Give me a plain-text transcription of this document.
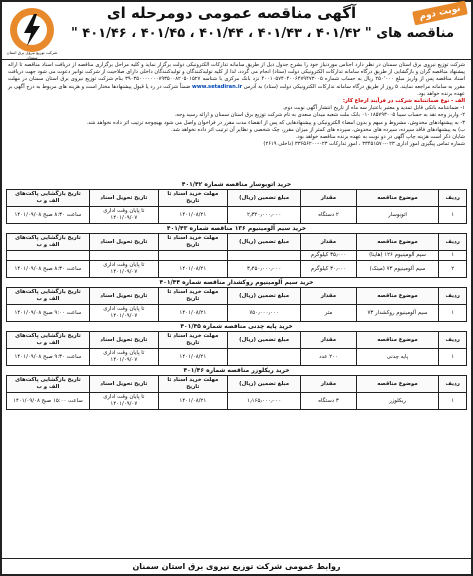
شرکت توزیع نیروی برق استان سمنان
نوبت دوم
آگهی مناقصه عمومی دومرحله ای
مناقصه های " ۴۰۱/۴۲ ، ۴۰۱/۴۳ ، ۴۰۱/۴۴ ، ۴۰۱/۴۵ ، ۴۰۱/۴۶ "
شرکت توزیع نیروی برق استان سمنان در نظر دارد اجناس موردنیاز خود را بشرح جدول ذیل از طریق سامانه تدارکات الکترونیکی دولت برگزار نماید و کلیه مراحل برگزاری مناقصه از دریافت اسناد مناقصه تا ارائه پیشنهاد مناقصه گران و بازگشایی از طریق درگاه سامانه تدارکات الکترونیکی دولت (ستاد) انجام می گردد، لذا از کلیه تولیدکنندگان و تولیدکنندگان داخلی دارای صلاحیت از شرکت توانیر دعوت می شود جهت دریافت اسناد مناقصه پس از واریز مبلغ ۲۵۰٬۰۰۰ ریال به حساب شماره ۴۰۰۱۰۵۷۴۰۴۰۰۶۴۷۹۴۷۳۰۰۵ نزد بانک مرکزی با شناسه ۳۹۰۳۵۰۰۰۰۰۰۰۷۹۳۵۰۰۸۲۰۵۰۱۵۲۷ بنام شرکت توزیع نیروی برق استان سمنان در مهلت مقرر به سامانه مراجعه نمایند. ۵ روز از طریق درگاه سامانه تدارکات الکترونیکی دولت (ستاد) به آدرس www.setadiran.ir ضمناً شرکت در رد یا قبول پیشنهادها مختار است و هزینه های مربوط به درج آگهی بر عهده برنده خواهد بود.
الف - نوع ضمانتنامه شرکت در فرآیند ارجاع کار:
۱- ضمانتنامه بانکی قابل تمدید و معتبر باعتبار سه ماه از تاریخ انتشار آگهی نوبت دوم.
۲- واریز وجه نقد به حساب سیبا ۰۱۰۱۸۵۷۹۳۰۰۵ بانک ملت شعبه میدان سعدی به نام شرکت توزیع برق استان سمنان و ارائه رسید وجه.
۳- به پیشنهادهای مخدوش، مشروط و مبهم و بدون امضاء الکترونیکی و پیشنهادهایی که پس از انقضاء مدت مقرر در فراخوان واصل می شود بهیچوجه ترتیب اثر داده نخواهد شد.
ب) به پیشنهادهای فاقد سپرده، سپرده های مخدوش، سپرده های کمتر از میزان مقرر، چک شخصی و نظایر آن ترتیب اثر داده نخواهد شد.
شایان ذکر است هزینه چاپ آگهی در دو نوبت به عهده برنده مناقصه خواهد بود.
شماره تماس پیگیری امور اداری ۰۲۳-۳۳۴۵۱۵۷۰ ، امور تدارکات ۰۲۳-۳۳۶۵۶۲۰۰ (داخلی ۲۶۱۹)
خرید اتوبوسار مناقصه شماره ۴۰۱/۴۲
ردیف	موضوع مناقصه	مقدار	مبلغ تضمین (ریال)	مهلت خرید اسناد تا تاریخ	تاریخ تحویل اسناد	تاریخ بازگشایی پاکت‌های الف و ب
۱	اتوبوسار	۲ دستگاه	۲٫۳۲۰٫۰۰۰٫۰۰۰	۱۴۰۱/۰۸/۲۱	تا پایان وقت اداری ۱۴۰۱/۰۹/۰۷	ساعت ۸:۳۰ صبح ۱۴۰۱/۰۹/۰۸
خرید سیم آلومینیوم ۱۳۶ مناقصه شماره ۴۰۱/۴۳
ردیف	موضوع مناقصه	مقدار	مبلغ تضمین (ریال)	مهلت خرید اسناد تا تاریخ	تاریخ تحویل اسناد	تاریخ بازگشایی پاکت‌های الف و ب
۱	سیم آلومینیوم ۱۲۶ (هاینا)	۳۵٫۰۰۰ کیلوگرم				
۲	سیم آلومینیوم ۷۳ (مینک)	۳۰٫۰۰۰ کیلوگرم	۳٫۴۵۰٫۰۰۰٫۰۰۰	۱۴۰۱/۰۸/۲۱	تا پایان وقت اداری ۱۴۰۱/۰۹/۰۷	ساعت ۸:۳۰ صبح ۱۴۰۱/۰۹/۰۸
خرید سیم آلومینیوم روکشدار مناقصه شماره ۴۰۱/۴۴
ردیف	موضوع مناقصه	مقدار	مبلغ تضمین (ریال)	مهلت خرید اسناد تا تاریخ	تاریخ تحویل اسناد	تاریخ بازگشایی پاکت‌های الف و ب
۱	سیم آلومینیوم روکشدار ۷۳	متر	۷۵۰٫۰۰۰٫۰۰۰	۱۴۰۱/۰۸/۲۱	تا پایان وقت اداری ۱۴۰۱/۰۹/۰۷	ساعت ۹:۰۰ صبح ۱۴۰۱/۰۹/۰۸
خرید پایه چدنی مناقصه شماره ۴۰۱/۴۵
ردیف	موضوع مناقصه	مقدار	مبلغ تضمین (ریال)	مهلت خرید اسناد تا تاریخ	تاریخ تحویل اسناد	تاریخ بازگشایی پاکت‌های الف و ب
۱	پایه چدنی	۲۰۰ عدد		۱۴۰۱/۰۸/۲۱	تا پایان وقت اداری ۱۴۰۱/۰۹/۰۷	ساعت ۹:۳۰ صبح ۱۴۰۱/۰۹/۰۸
خرید ریکلوزر مناقصه شماره ۴۰۱/۴۶
ردیف	موضوع مناقصه	مقدار	مبلغ تضمین (ریال)	مهلت خرید اسناد تا تاریخ	تاریخ تحویل اسناد	تاریخ بازگشایی پاکت‌های الف و ب
۱	ریکلوزر	۳ دستگاه	۱٫۱۶۵٫۰۰۰٫۰۰۰	۱۴۰۱/۰۸/۲۱	تا پایان وقت اداری ۱۴۰۱/۰۹/۰۷	ساعت ۱۵:۰۰ صبح ۱۴۰۱/۰۹/۰۸
روابط عمومی شرکت توزیع نیروی برق استان سمنان
